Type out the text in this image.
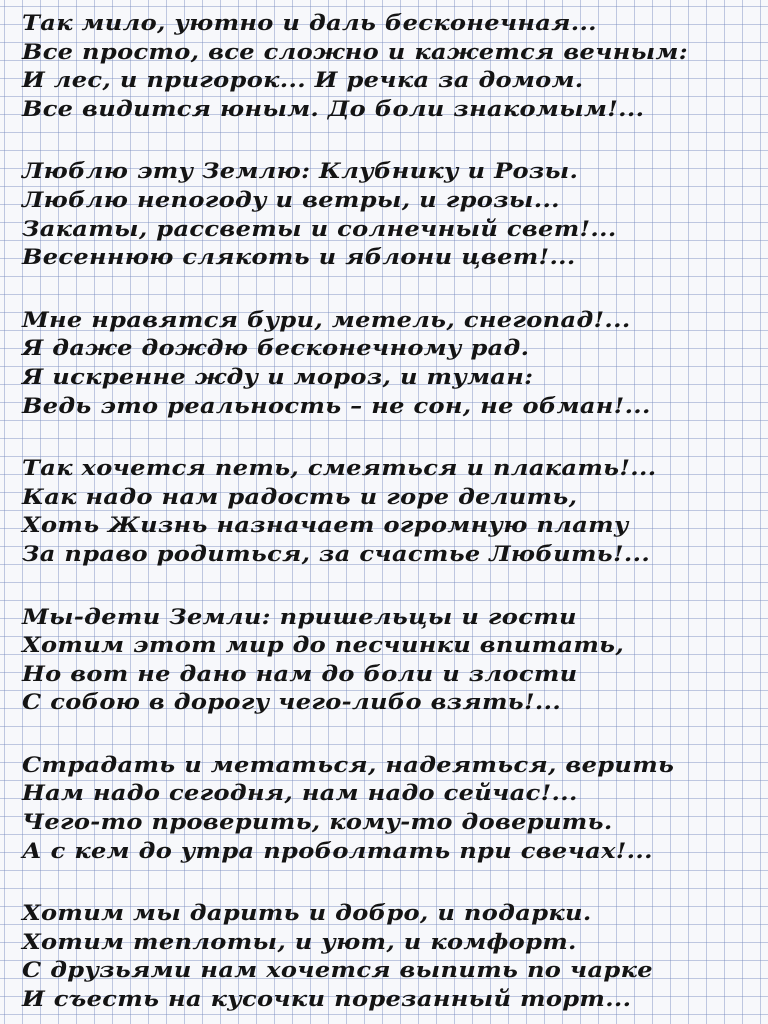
Так мило, уютно и даль бесконечная...
Все просто, все сложно и кажется вечным:
И лес, и пригорок... И речка за домом.
Все видится юным. До боли знакомым!...
Люблю эту Землю: Клубнику и Розы.
Люблю непогоду и ветры, и грозы...
Закаты, рассветы и солнечный свет!...
Весеннюю слякоть и яблони цвет!...
Мне нравятся бури, метель, снегопад!...
Я даже дождю бесконечному рад.
Я искренне жду и мороз, и туман:
Ведь это реальность – не сон, не обман!...
Так хочется петь, смеяться и плакать!...
Как надо нам радость и горе делить,
Хоть Жизнь назначает огромную плату
За право родиться, за счастье Любить!...
Мы-дети Земли: пришельцы и гости
Хотим этот мир до песчинки впитать,
Но вот не дано нам до боли и злости
С собою в дорогу чего-либо взять!...
Страдать и метаться, надеяться, верить
Нам надо сегодня, нам надо сейчас!...
Чего-то проверить, кому-то доверить.
А с кем до утра проболтать при свечах!...
Хотим мы дарить и добро, и подарки.
Хотим теплоты, и уют, и комфорт.
С друзьями нам хочется выпить по чарке
И съесть на кусочки порезанный торт...
